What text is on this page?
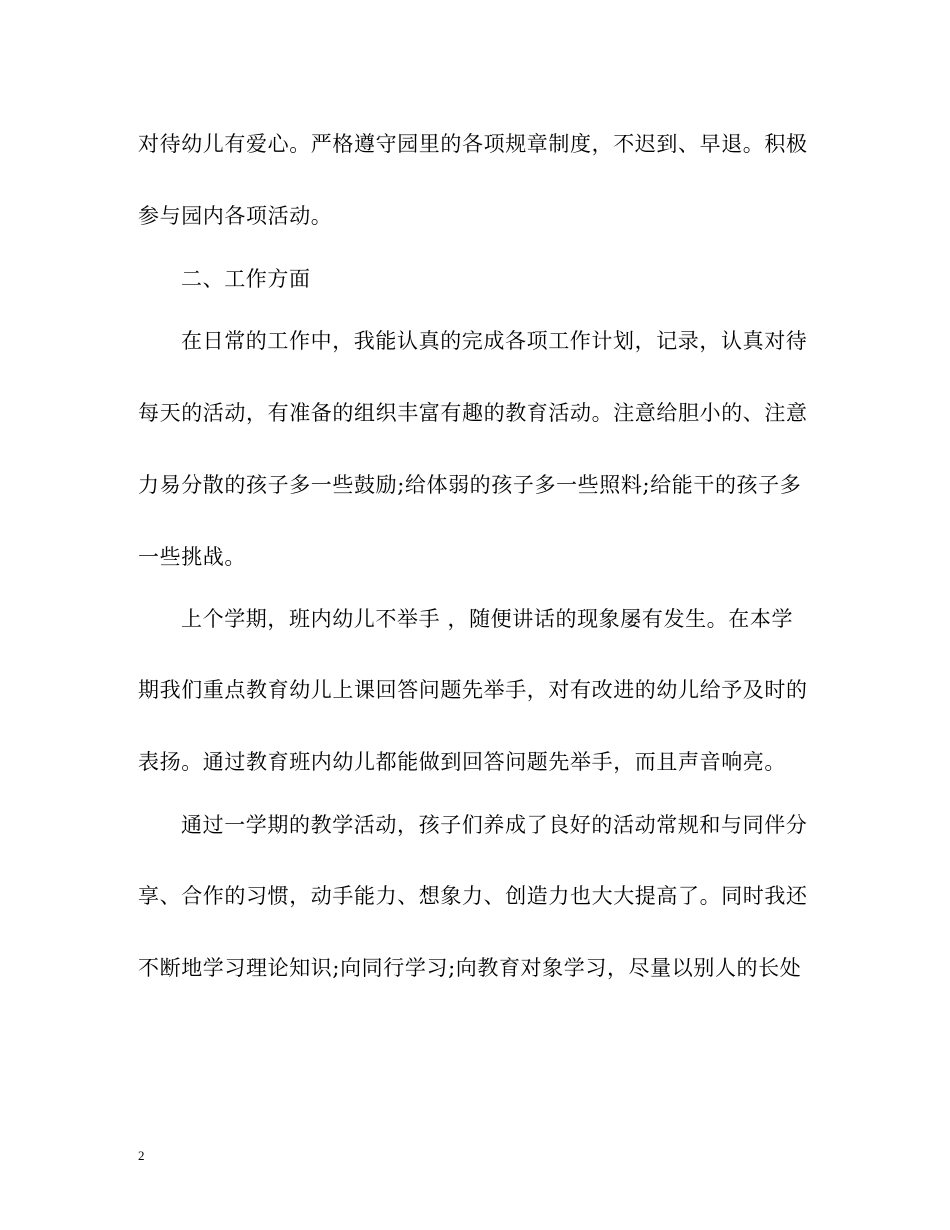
对待幼儿有爱心。严格遵守园里的各项规章制度，不迟到、早退。积极
参与园内各项活动。
二、工作方面
在日常的工作中，我能认真的完成各项工作计划，记录，认真对待
每天的活动，有准备的组织丰富有趣的教育活动。注意给胆小的、注意
力易分散的孩子多一些鼓励;给体弱的孩子多一些照料;给能干的孩子多
一些挑战。
上个学期，班内幼儿不举手 ，随便讲话的现象屡有发生。在本学
期我们重点教育幼儿上课回答问题先举手，对有改进的幼儿给予及时的
表扬。通过教育班内幼儿都能做到回答问题先举手，而且声音响亮。
通过一学期的教学活动，孩子们养成了良好的活动常规和与同伴分
享、合作的习惯，动手能力、想象力、创造力也大大提高了。同时我还
不断地学习理论知识;向同行学习;向教育对象学习，尽量以别人的长处
2
